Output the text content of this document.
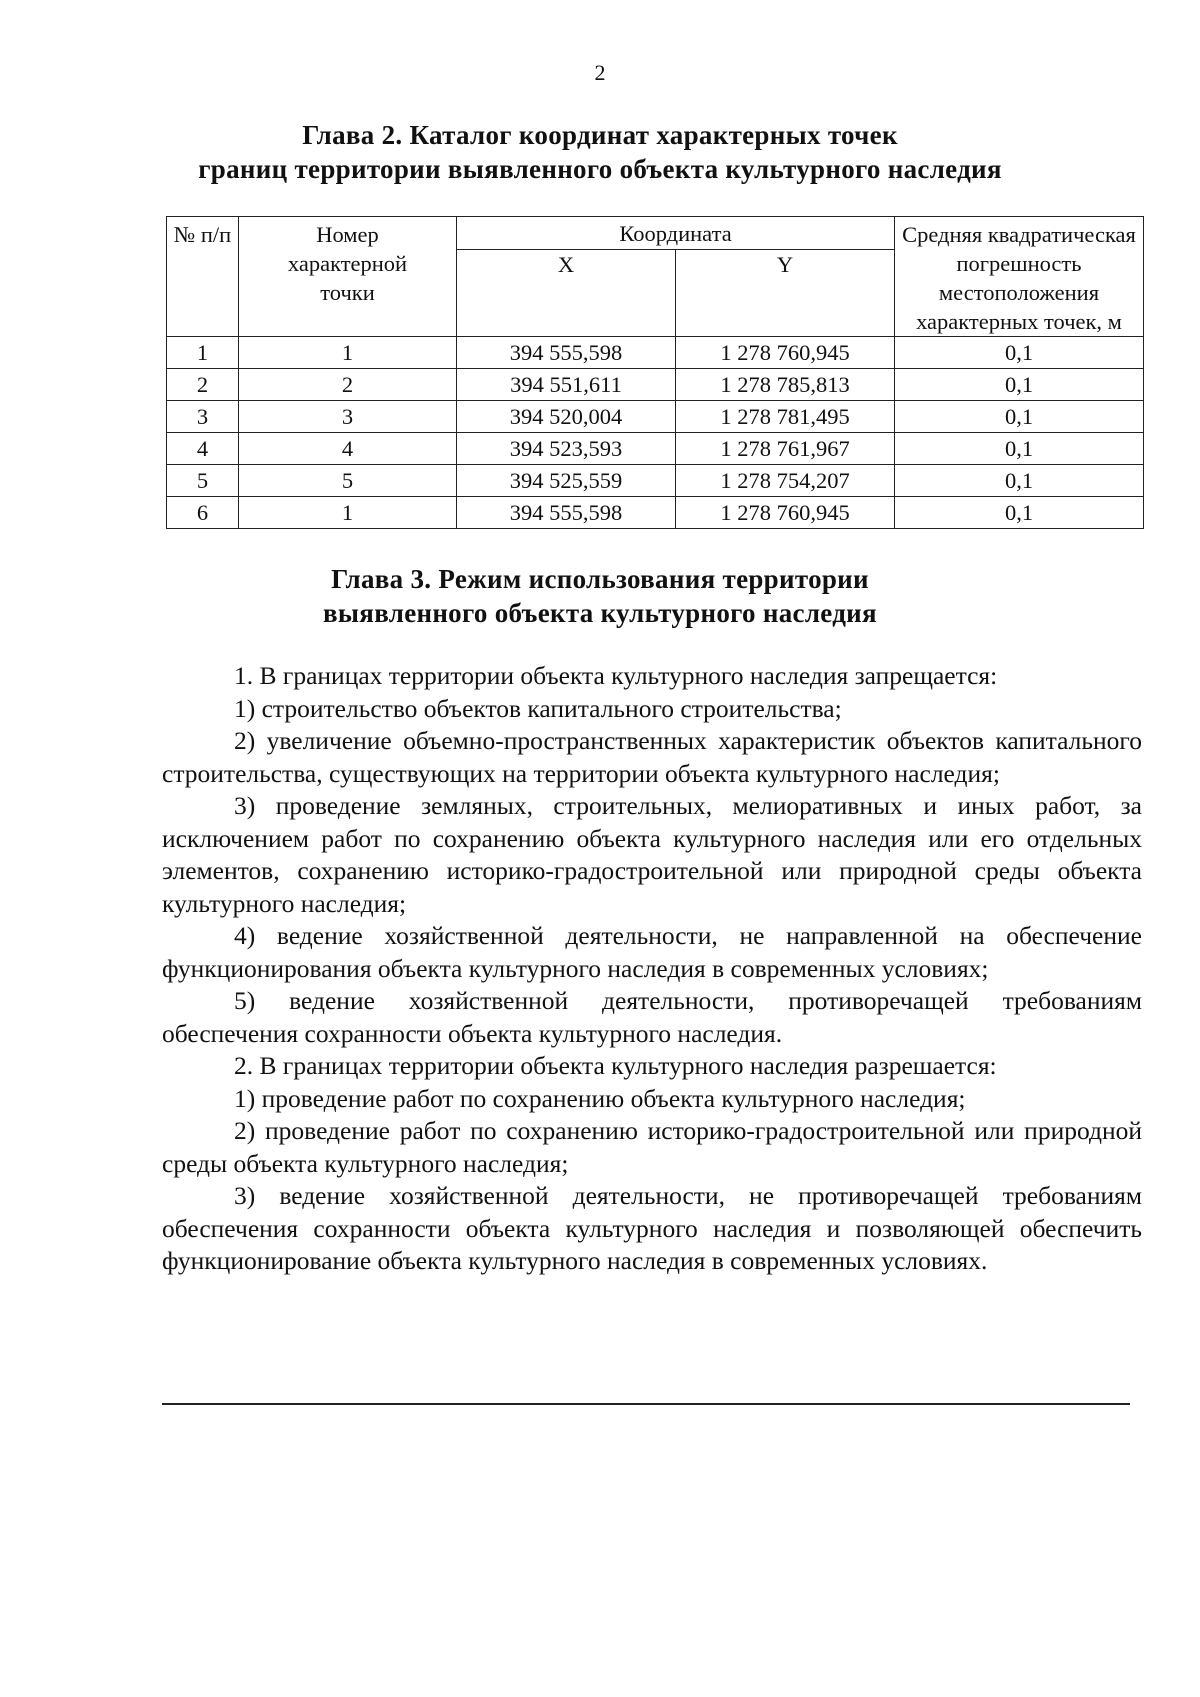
2
Глава 2. Каталог координат характерных точек
границ территории выявленного объекта культурного наследия
№ п/п	Номер характерной точки	Координата		Средняя квадратическая погрешность местоположения характерных точек, м
		X	Y	
1	1	394 555,598	1 278 760,945	0,1
2	2	394 551,611	1 278 785,813	0,1
3	3	394 520,004	1 278 781,495	0,1
4	4	394 523,593	1 278 761,967	0,1
5	5	394 525,559	1 278 754,207	0,1
6	1	394 555,598	1 278 760,945	0,1
Глава 3. Режим использования территории
выявленного объекта культурного наследия

1. В границах территории объекта культурного наследия запрещается:

1) строительство объектов капитального строительства;

2) увеличение объемно-пространственных характеристик объектов капитального строительства, существующих на территории объекта культурного наследия;

3) проведение земляных, строительных, мелиоративных и иных работ, за исключением работ по сохранению объекта культурного наследия или его отдельных элементов, сохранению историко-градостроительной или природной среды объекта культурного наследия;

4) ведение хозяйственной деятельности, не направленной на обеспечение функционирования объекта культурного наследия в современных условиях;

5) ведение хозяйственной деятельности, противоречащей требованиям обеспечения сохранности объекта культурного наследия.

2. В границах территории объекта культурного наследия разрешается:

1) проведение работ по сохранению объекта культурного наследия;

2) проведение работ по сохранению историко-градостроительной или природной среды объекта культурного наследия;

3) ведение хозяйственной деятельности, не противоречащей требованиям обеспечения сохранности объекта культурного наследия и позволяющей обеспечить функционирование объекта культурного наследия в современных условиях.
